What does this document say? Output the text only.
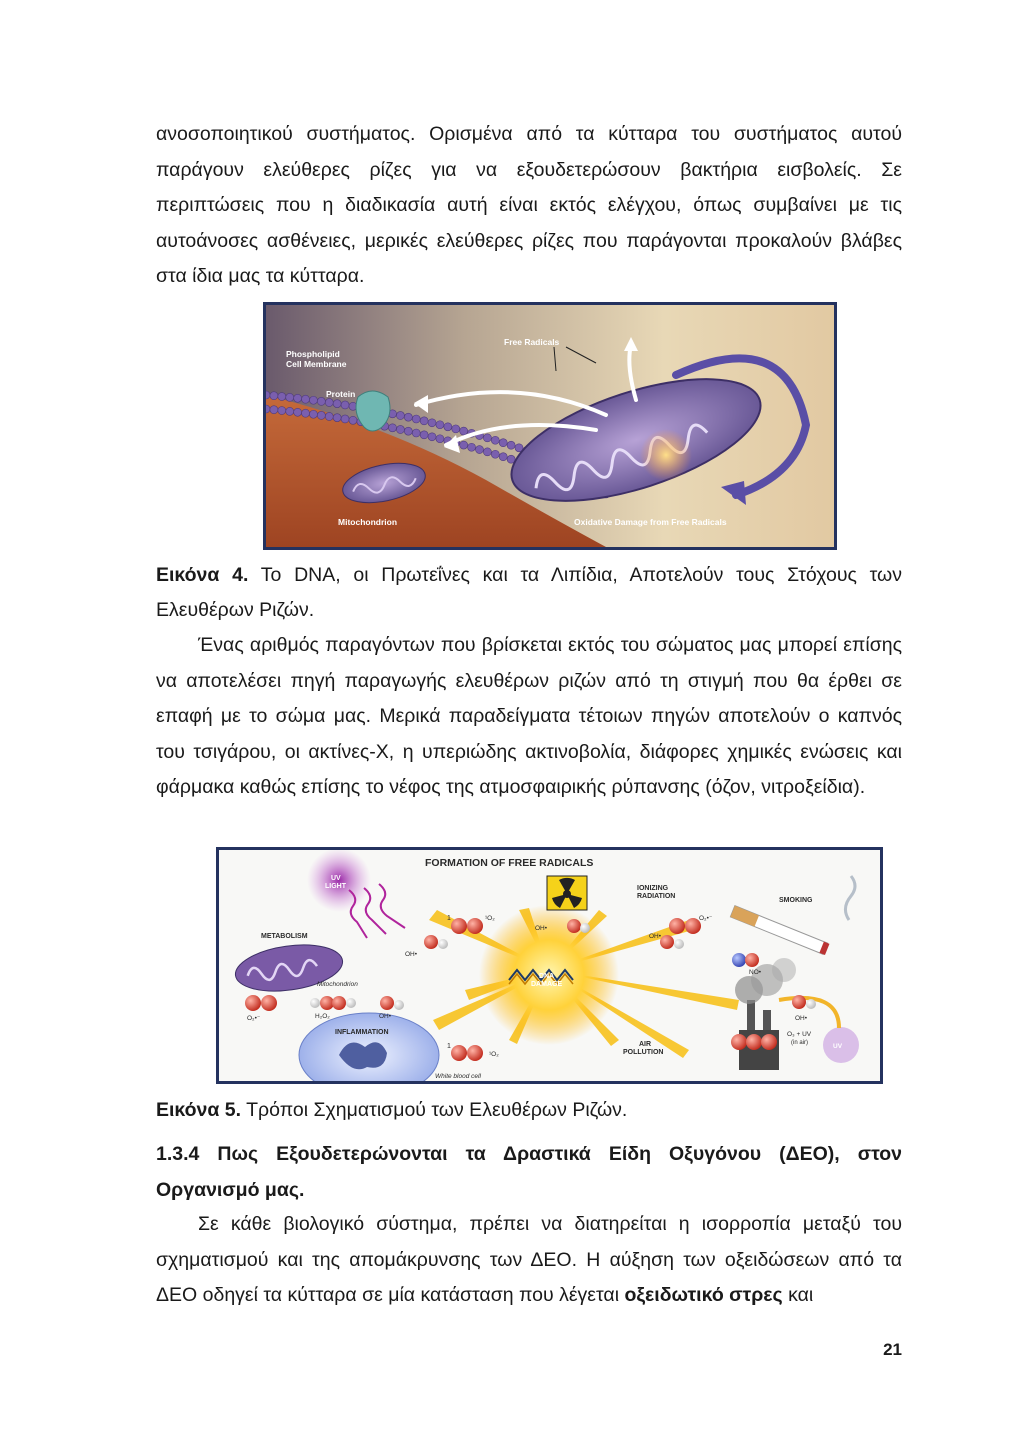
ανοσοποιητικού συστήματος. Ορισμένα από τα κύτταρα του συστήματος αυτού παράγουν ελεύθερες ρίζες για να εξουδετερώσουν βακτήρια εισβολείς. Σε περιπτώσεις που η διαδικασία αυτή είναι εκτός ελέγχου, όπως συμβαίνει με τις αυτοάνοσες ασθένειες, μερικές ελεύθερες ρίζες που παράγονται προκαλούν βλάβες στα ίδια μας τα κύτταρα.

Phospholipid
Cell Membrane
Protein
Free Radicals
Mitochondrion	Oxidative Damage from Free Radicals

Εικόνα 4. Το DNA, οι Πρωτεΐνες και τα Λιπίδια, Αποτελούν τους Στόχους των Ελευθέρων Ριζών.

Ένας αριθμός παραγόντων που βρίσκεται εκτός του σώματος μας μπορεί επίσης να αποτελέσει πηγή παραγωγής ελευθέρων ριζών από τη στιγμή που θα έρθει σε επαφή με το σώμα μας. Μερικά παραδείγματα τέτοιων πηγών αποτελούν ο καπνός του τσιγάρου, οι ακτίνες-Χ, η υπεριώδης ακτινοβολία, διάφορες χημικές ενώσεις και φάρμακα καθώς επίσης το νέφος της ατμοσφαιρικής ρύπανσης (όζον, νιτροξείδια).

FORMATION OF FREE RADICALS
UV
LIGHT	IONIZING
RADIATION
SMOKING
METABOLISM
Mitochondrion
INFLAMMATION
White blood cell
DNA
DAMAGE
AIR
POLLUTION
1	¹O₂
OH•
OH•
OH•
O₂•⁻
NO•
O₂•⁻	H₂O₂	OH•
1
¹O₂
OH•
O₃ + UV
(in air)	UV

Εικόνα 5. Τρόποι Σχηματισμού των Ελευθέρων Ριζών.

1.3.4 Πως Εξουδετερώνονται τα Δραστικά Είδη Οξυγόνου (ΔΕΟ), στον Οργανισμό μας.

Σε κάθε βιολογικό σύστημα, πρέπει να διατηρείται η ισορροπία μεταξύ του σχηματισμού και της απομάκρυνσης των ΔΕΟ. Η αύξηση των οξειδώσεων από τα ΔΕΟ οδηγεί τα κύτταρα σε μία κατάσταση που λέγεται οξειδωτικό στρες και

21
